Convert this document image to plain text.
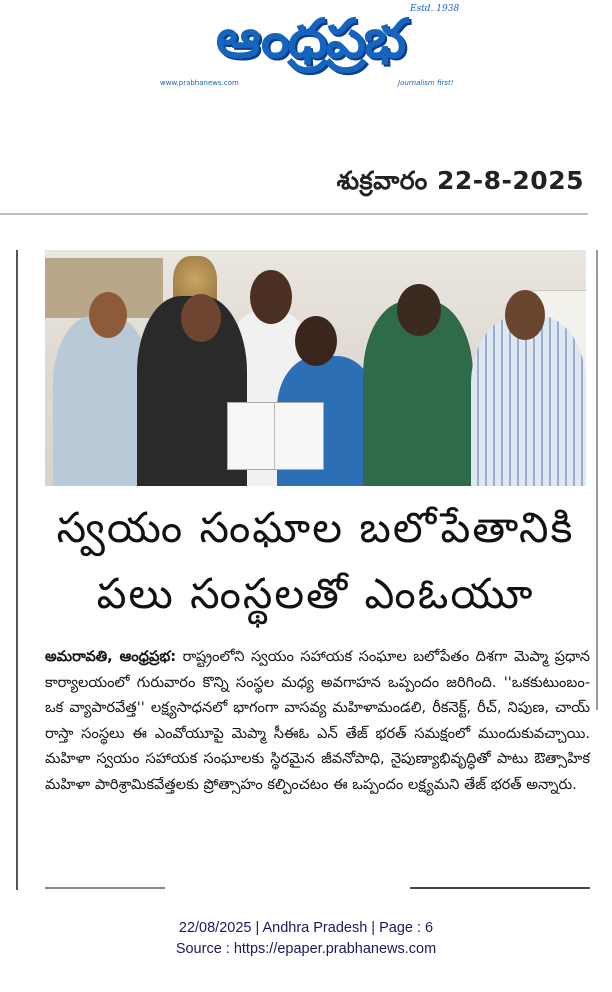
ఆంధ్రప్రభ Estd. 1938
www.prabhanews.com	Journalism first!
శుక్రవారం 22-8-2025
స్వయం సంఘాల బలోపేతానికి
పలు సంస్థలతో ఎంఓయూ

అమరావతి, ఆంధ్రప్రభ: రాష్ట్రంలోని స్వయం సహాయక సంఘాల బలోపేతం దిశగా మెప్మా ప్రధాన కార్యాలయంలో గురువారం కొన్ని సంస్థల మధ్య అవగాహన ఒప్పందం జరిగింది. ''ఒకకుటుంబం- ఒక వ్యాపారవేత్త'' లక్ష్యసాధనలో భాగంగా వాసవ్య మహిళామండలి, రీకనెక్ట్, రీచ్, నిపుణ, చాయ్ రాస్తా సంస్థలు ఈ ఎంవోయూపై మెప్మా సీఈఓ ఎన్ తేజ్ భరత్ సమక్షంలో ముందుకువచ్చాయి. మహిళా స్వయం సహాయక సంఘాలకు స్థిరమైన జీవనోపాధి, నైపుణ్యాభివృద్ధితో పాటు ఔత్సాహిక మహిళా పారిశ్రామికవేత్తలకు ప్రోత్సాహం కల్పించటం ఈ ఒప్పందం లక్ష్యమని తేజ్ భరత్ అన్నారు.

22/08/2025 | Andhra Pradesh | Page : 6
Source : https://epaper.prabhanews.com
